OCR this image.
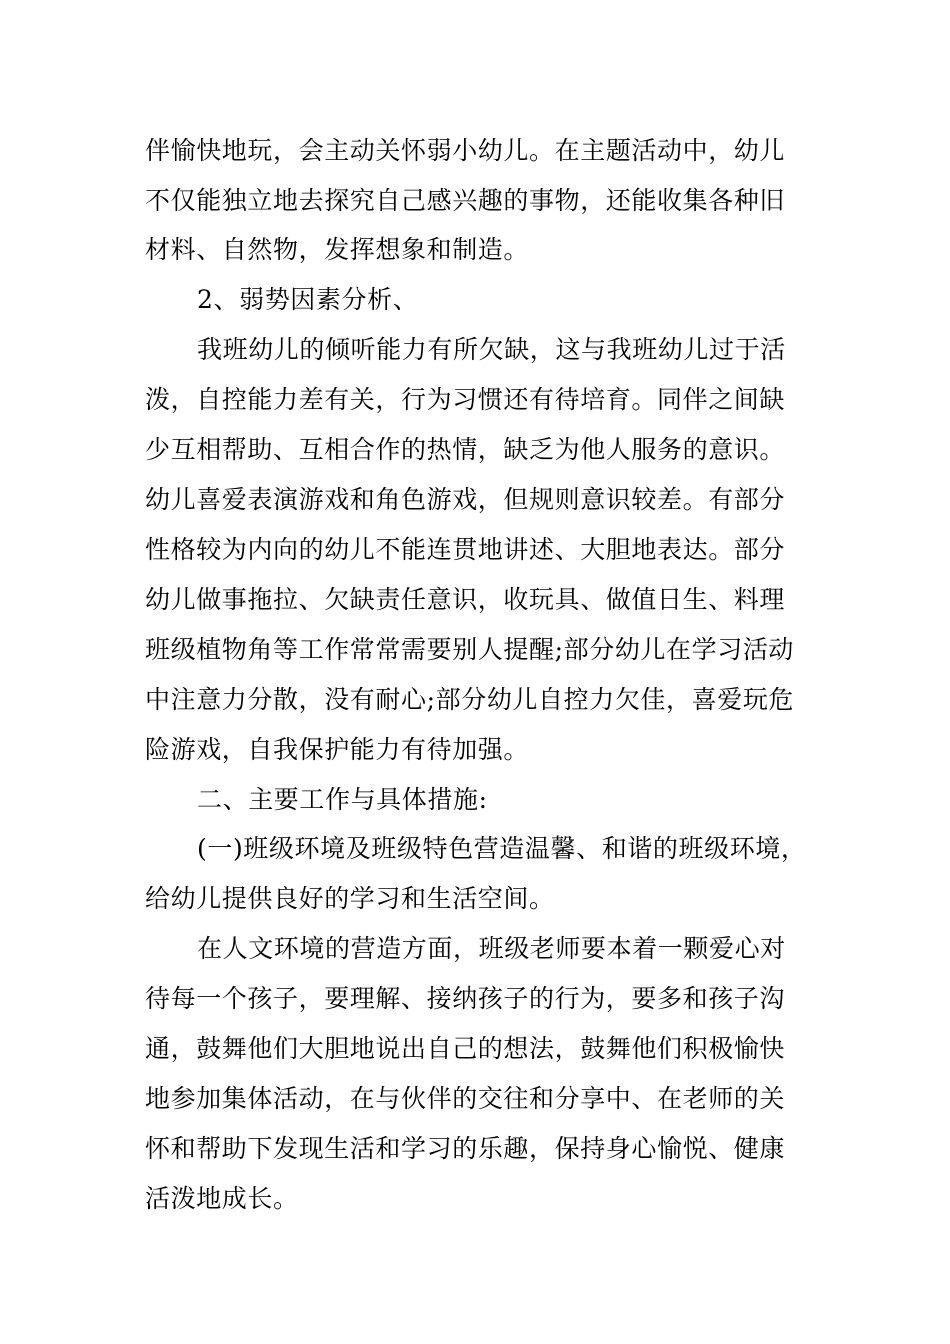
伴愉快地玩，会主动关怀弱小幼儿。在主题活动中，幼儿
不仅能独立地去探究自己感兴趣的事物，还能收集各种旧
材料、自然物，发挥想象和制造。
2、弱势因素分析、
我班幼儿的倾听能力有所欠缺，这与我班幼儿过于活
泼，自控能力差有关，行为习惯还有待培育。同伴之间缺
少互相帮助、互相合作的热情，缺乏为他人服务的意识。
幼儿喜爱表演游戏和角色游戏，但规则意识较差。有部分
性格较为内向的幼儿不能连贯地讲述、大胆地表达。部分
幼儿做事拖拉、欠缺责任意识，收玩具、做值日生、料理
班级植物角等工作常常需要别人提醒;部分幼儿在学习活动
中注意力分散，没有耐心;部分幼儿自控力欠佳，喜爱玩危
险游戏，自我保护能力有待加强。
二、主要工作与具体措施:
(一)班级环境及班级特色营造温馨、和谐的班级环境，
给幼儿提供良好的学习和生活空间。
在人文环境的营造方面，班级老师要本着一颗爱心对
待每一个孩子，要理解、接纳孩子的行为，要多和孩子沟
通，鼓舞他们大胆地说出自己的想法，鼓舞他们积极愉快
地参加集体活动，在与伙伴的交往和分享中、在老师的关
怀和帮助下发现生活和学习的乐趣，保持身心愉悦、健康
活泼地成长。
